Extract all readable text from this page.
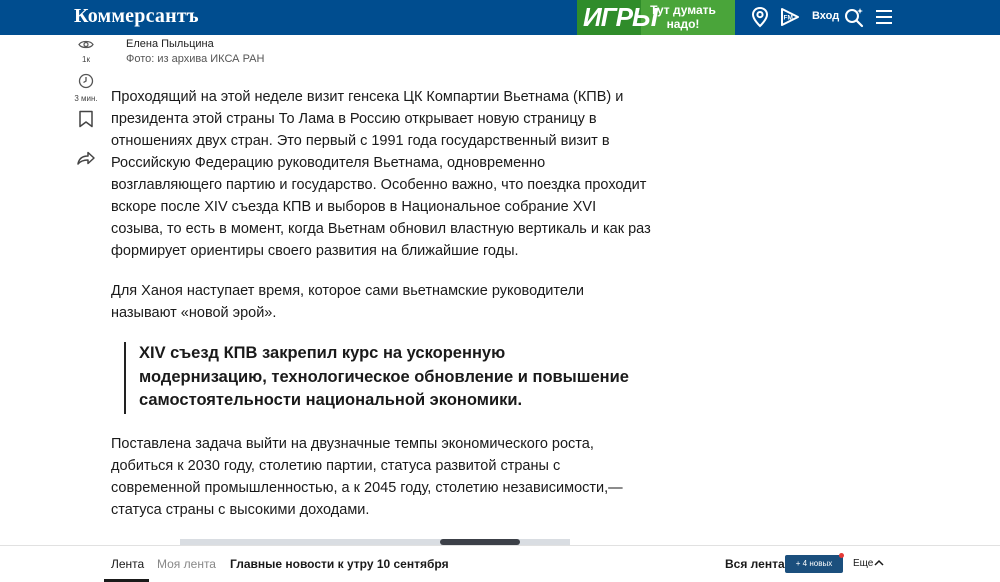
Коммерсантъ	ИГРЫ
Тут думать надо!	FM Вход
1к
3 мин.
Елена Пыльцина
Фото: из архива ИКСА РАН

Проходящий на этой неделе визит генсека ЦК Компартии Вьетнама (КПВ) и президента этой страны То Лама в Россию открывает новую страницу в отношениях двух стран. Это первый с 1991 года государственный визит в Российскую Федерацию руководителя Вьетнама, одновременно возглавляющего партию и государство. Особенно важно, что поездка проходит вскоре после XIV съезда КПВ и выборов в Национальное собрание XVI созыва, то есть в момент, когда Вьетнам обновил властную вертикаль и как раз формирует ориентиры своего развития на ближайшие годы.

Для Ханоя наступает время, которое сами вьетнамские руководители называют «новой эрой».

XIV съезд КПВ закрепил курс на ускоренную модернизацию, технологическое обновление и повышение самостоятельности национальной экономики.

Поставлена задача выйти на двузначные темпы экономического роста, добиться к 2030 году, столетию партии, статуса развитой страны с современной промышленностью, а к 2045 году, столетию независимости,— статуса страны с высокими доходами.

Лента Моя лента Главные новости к утру 10 сентября	Вся лента	+ 4 новых	Еще
